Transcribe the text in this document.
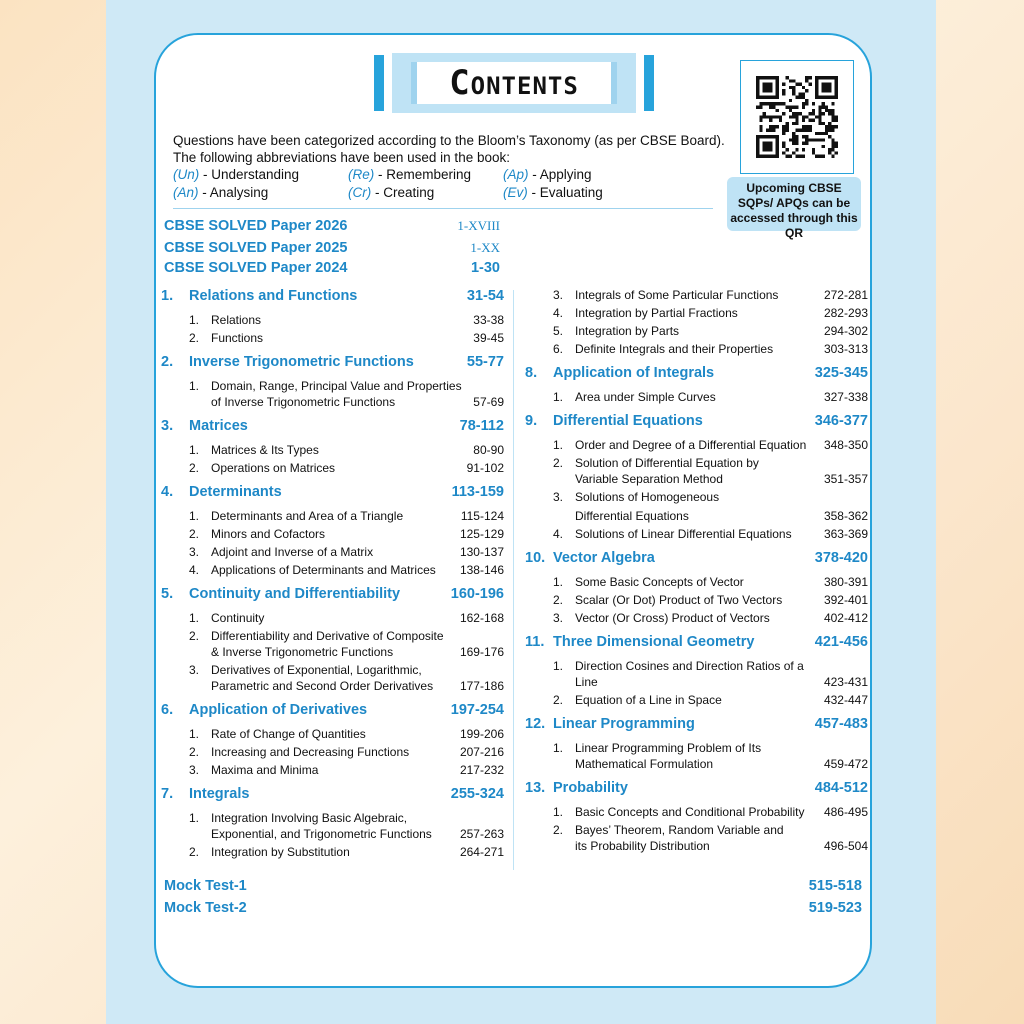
Contents
Questions have been categorized according to the Bloom’s Taxonomy (as per CBSE Board).
The following abbreviations have been used in the book:
(Un) - Understanding	(Re) - Remembering	(Ap) - Applying
(An) - Analysing	(Cr) - Creating	(Ev) - Evaluating	Upcoming CBSE SQPs/ APQs can be accessed through this QR
CBSE SOLVED Paper 2026	1-XVIII
CBSE SOLVED Paper 2025	1-XX
CBSE SOLVED Paper 2024	1-30
1. Relations and Functions	31-54
1. Relations	33-38
2. Functions	39-45
2. Inverse Trigonometric Functions	55-77
1. Domain, Range, Principal Value and Properties
of Inverse Trigonometric Functions	57-69
3. Matrices	78-112
1. Matrices & Its Types	80-90
2. Operations on Matrices	91-102
4. Determinants	113-159
1. Determinants and Area of a Triangle	115-124
2. Minors and Cofactors	125-129
3. Adjoint and Inverse of a Matrix	130-137
4. Applications of Determinants and Matrices	138-146
5. Continuity and Differentiability	160-196
1. Continuity	162-168
2. Differentiability and Derivative of Composite
& Inverse Trigonometric Functions	169-176
3. Derivatives of Exponential, Logarithmic,
Parametric and Second Order Derivatives	177-186
6. Application of Derivatives	197-254
1. Rate of Change of Quantities	199-206
2. Increasing and Decreasing Functions	207-216
3. Maxima and Minima	217-232
7. Integrals	255-324
1. Integration Involving Basic Algebraic,
Exponential, and Trigonometric Functions	257-263
2. Integration by Substitution	264-271
3. Integrals of Some Particular Functions	272-281
4. Integration by Partial Fractions	282-293
5. Integration by Parts	294-302
6. Definite Integrals and their Properties	303-313
8. Application of Integrals	325-345
1. Area under Simple Curves	327-338
9. Differential Equations	346-377
1. Order and Degree of a Differential Equation	348-350
2. Solution of Differential Equation by
Variable Separation Method	351-357
3. Solutions of Homogeneous
Differential Equations	358-362
4. Solutions of Linear Differential Equations	363-369
10. Vector Algebra	378-420
1. Some Basic Concepts of Vector	380-391
2. Scalar (Or Dot) Product of Two Vectors	392-401
3. Vector (Or Cross) Product of Vectors	402-412
11. Three Dimensional Geometry	421-456
1. Direction Cosines and Direction Ratios of a Line	423-431
2. Equation of a Line in Space	432-447
12. Linear Programming	457-483
1. Linear Programming Problem of Its
Mathematical Formulation	459-472
13. Probability	484-512
1. Basic Concepts and Conditional Probability	486-495
2. Bayes’ Theorem, Random Variable and
its Probability Distribution	496-504
Mock Test-1	515-518
Mock Test-2	519-523
